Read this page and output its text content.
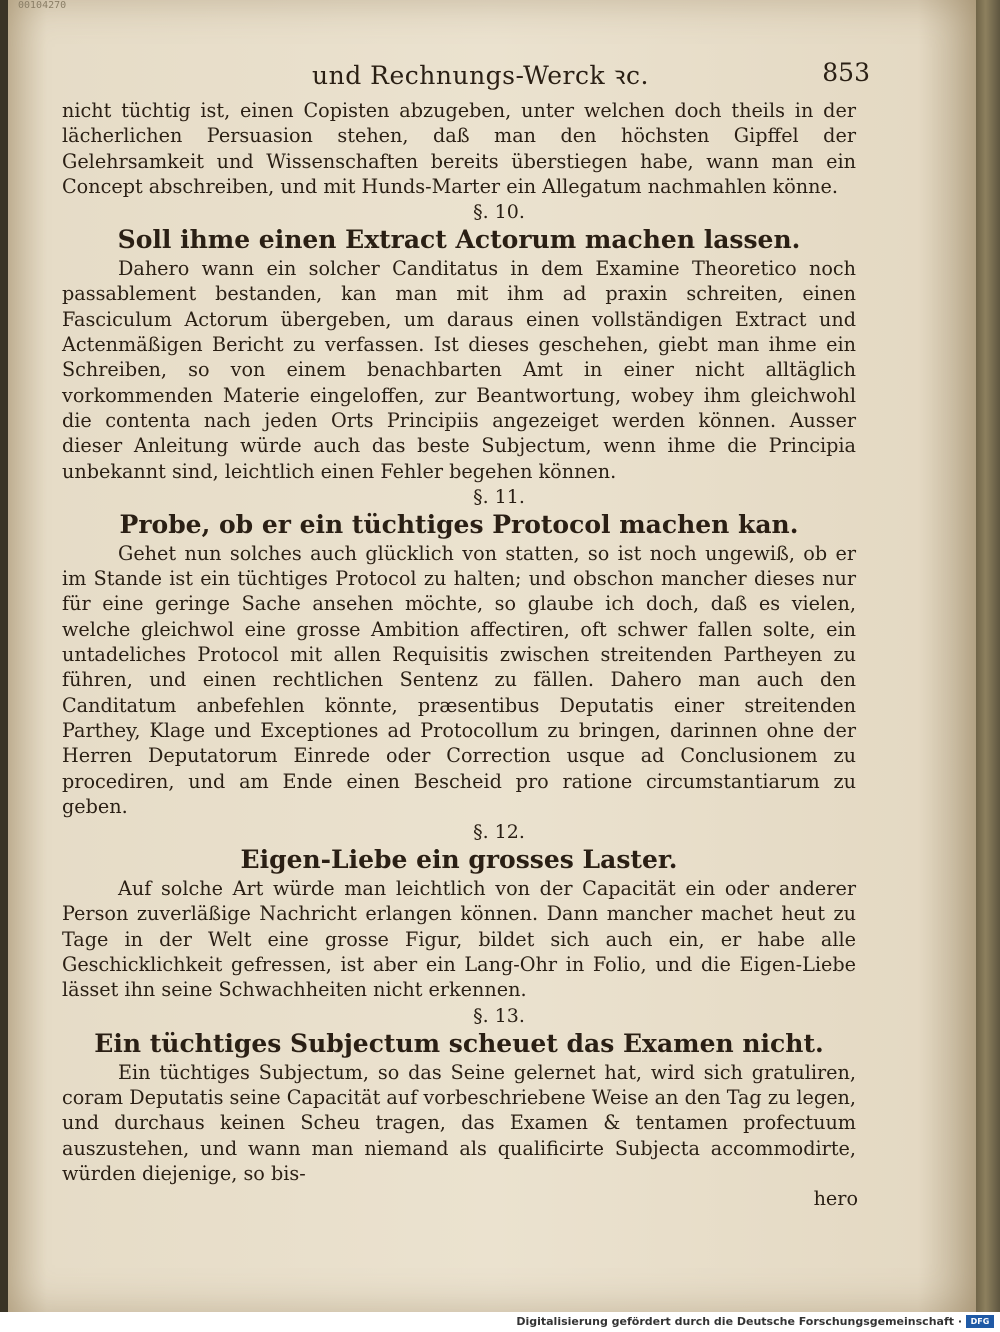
00104270
und Rechnungs-Werck ꝛc.	853

nicht tüchtig ist, einen Copisten abzugeben, unter welchen doch theils in der lächerlichen Persuasion stehen, daß man den höchsten Gipffel der Gelehrsamkeit und Wissenschaften bereits überstiegen habe, wann man ein Concept abschreiben, und mit Hunds-Marter ein Allegatum nachmahlen könne.

§. 10.
Soll ihme einen Extract Actorum machen lassen.

Dahero wann ein solcher Canditatus in dem Examine Theoretico noch passablement bestanden, kan man mit ihm ad praxin schreiten, einen Fasciculum Actorum übergeben, um daraus einen vollständigen Extract und Actenmäßigen Bericht zu verfassen. Ist dieses geschehen, giebt man ihme ein Schreiben, so von einem benachbarten Amt in einer nicht alltäglich vorkommenden Materie eingeloffen, zur Beantwortung, wobey ihm gleichwohl die contenta nach jeden Orts Principiis angezeiget werden können. Ausser dieser Anleitung würde auch das beste Subjectum, wenn ihme die Principia unbekannt sind, leichtlich einen Fehler begehen können.

§. 11.
Probe, ob er ein tüchtiges Protocol machen kan.

Gehet nun solches auch glücklich von statten, so ist noch ungewiß, ob er im Stande ist ein tüchtiges Protocol zu halten; und obschon mancher dieses nur für eine geringe Sache ansehen möchte, so glaube ich doch, daß es vielen, welche gleichwol eine grosse Ambition affectiren, oft schwer fallen solte, ein untadeliches Protocol mit allen Requisitis zwischen streitenden Partheyen zu führen, und einen rechtlichen Sentenz zu fällen. Dahero man auch den Canditatum anbefehlen könnte, præsentibus Deputatis einer streitenden Parthey, Klage und Exceptiones ad Protocollum zu bringen, darinnen ohne der Herren Deputatorum Einrede oder Correction usque ad Conclusionem zu procediren, und am Ende einen Bescheid pro ratione circumstantiarum zu geben.

§. 12.
Eigen-Liebe ein grosses Laster.

Auf solche Art würde man leichtlich von der Capacität ein oder anderer Person zuverläßige Nachricht erlangen können. Dann mancher machet heut zu Tage in der Welt eine grosse Figur, bildet sich auch ein, er habe alle Geschicklichkeit gefressen, ist aber ein Lang-Ohr in Folio, und die Eigen-Liebe lässet ihn seine Schwachheiten nicht erkennen.

§. 13.
Ein tüchtiges Subjectum scheuet das Examen nicht.

Ein tüchtiges Subjectum, so das Seine gelernet hat, wird sich gratuliren, coram Deputatis seine Capacität auf vorbeschriebene Weise an den Tag zu legen, und durchaus keinen Scheu tragen, das Examen & tentamen profectuum auszustehen, und wann man niemand als qualificirte Subjecta accommodirte, würden diejenige, so bis-

hero
Digitalisierung gefördert durch die Deutsche Forschungsgemeinschaft ·	DFG
